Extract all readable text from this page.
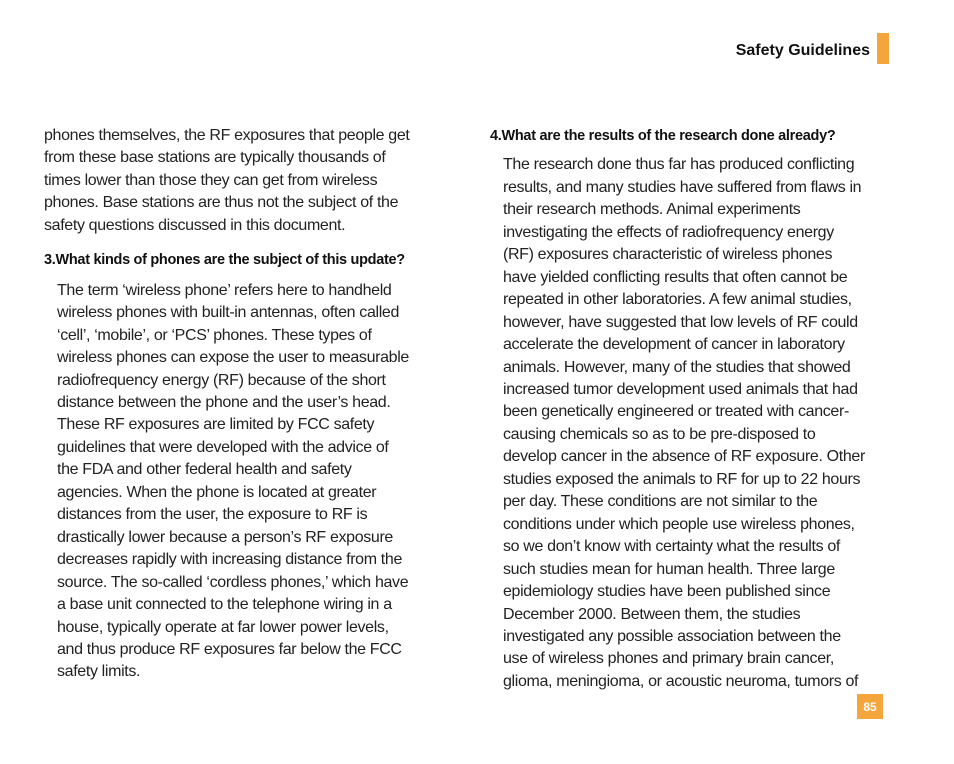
Safety Guidelines

phones themselves, the RF exposures that people get
from these base stations are typically thousands of
times lower than those they can get from wireless
phones. Base stations are thus not the subject of the
safety questions discussed in this document.

3.What kinds of phones are the subject of this update?

The term ‘wireless phone’ refers here to handheld
wireless phones with built-in antennas, often called
‘cell’, ‘mobile’, or ‘PCS’ phones. These types of
wireless phones can expose the user to measurable
radiofrequency energy (RF) because of the short
distance between the phone and the user’s head.
These RF exposures are limited by FCC safety
guidelines that were developed with the advice of
the FDA and other federal health and safety
agencies. When the phone is located at greater
distances from the user, the exposure to RF is
drastically lower because a person’s RF exposure
decreases rapidly with increasing distance from the
source. The so-called ‘cordless phones,’ which have
a base unit connected to the telephone wiring in a
house, typically operate at far lower power levels,
and thus produce RF exposures far below the FCC
safety limits.

4.What are the results of the research done already?

The research done thus far has produced conflicting
results, and many studies have suffered from flaws in
their research methods. Animal experiments
investigating the effects of radiofrequency energy
(RF) exposures characteristic of wireless phones
have yielded conflicting results that often cannot be
repeated in other laboratories. A few animal studies,
however, have suggested that low levels of RF could
accelerate the development of cancer in laboratory
animals. However, many of the studies that showed
increased tumor development used animals that had
been genetically engineered or treated with cancer-
causing chemicals so as to be pre-disposed to
develop cancer in the absence of RF exposure. Other
studies exposed the animals to RF for up to 22 hours
per day. These conditions are not similar to the
conditions under which people use wireless phones,
so we don’t know with certainty what the results of
such studies mean for human health. Three large
epidemiology studies have been published since
December 2000. Between them, the studies
investigated any possible association between the
use of wireless phones and primary brain cancer,
glioma, meningioma, or acoustic neuroma, tumors of

85
